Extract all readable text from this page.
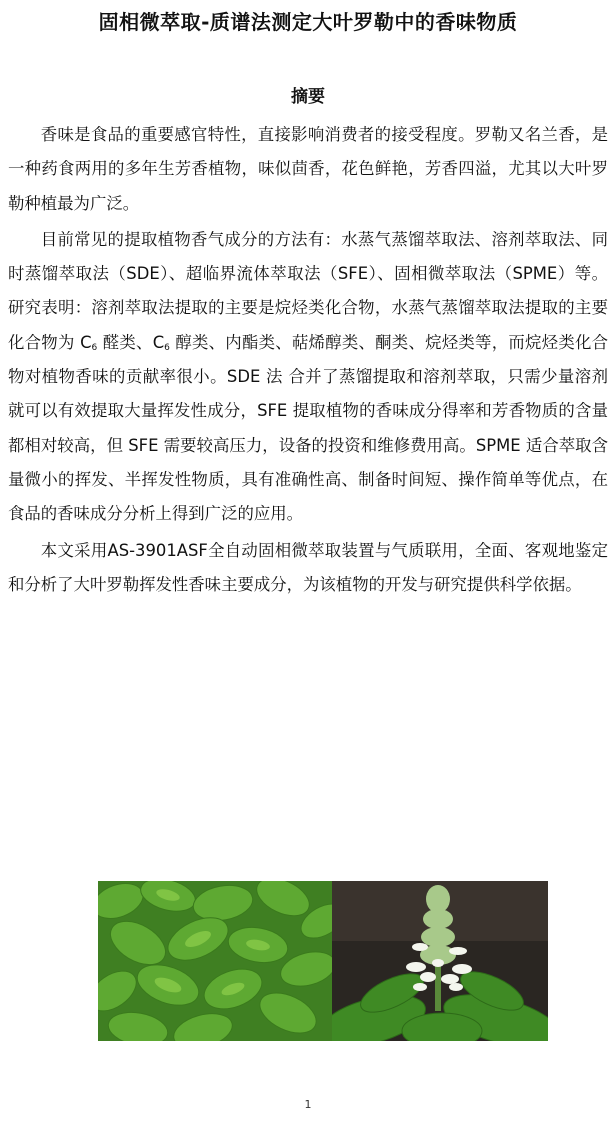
固相微萃取-质谱法测定大叶罗勒中的香味物质
摘要

香味是食品的重要感官特性，直接影响消费者的接受程度。罗勒又名兰香，是一种药食两用的多年生芳香植物，味似茴香，花色鲜艳，芳香四溢，尤其以大叶罗勒种植最为广泛。

目前常见的提取植物香气成分的方法有：水蒸气蒸馏萃取法、溶剂萃取法、同时蒸馏萃取法（SDE）、超临界流体萃取法（SFE）、固相微萃取法（SPME）等。研究表明：溶剂萃取法提取的主要是烷烃类化合物，水蒸气蒸馏萃取法提取的主要化合物为 $C_6$ 醛类、$C_6$ 醇类、内酯类、萜烯醇类、酮类、烷烃类等，而烷烃类化合物对植物香味的贡献率很小。SDE 法 合并了蒸馏提取和溶剂萃取，只需少量溶剂就可以有效提取大量挥发性成分，SFE 提取植物的香味成分得率和芳香物质的含量都相对较高，但 SFE 需要较高压力，设备的投资和维修费用高。SPME 适合萃取含量微小的挥发、半挥发性物质，具有准确性高、制备时间短、操作简单等优点，在食品的香味成分分析上得到广泛的应用。

本文采用AS-3901ASF全自动固相微萃取装置与气质联用，全面、客观地鉴定和分析了大叶罗勒挥发性香味主要成分，为该植物的开发与研究提供科学依据。

1
